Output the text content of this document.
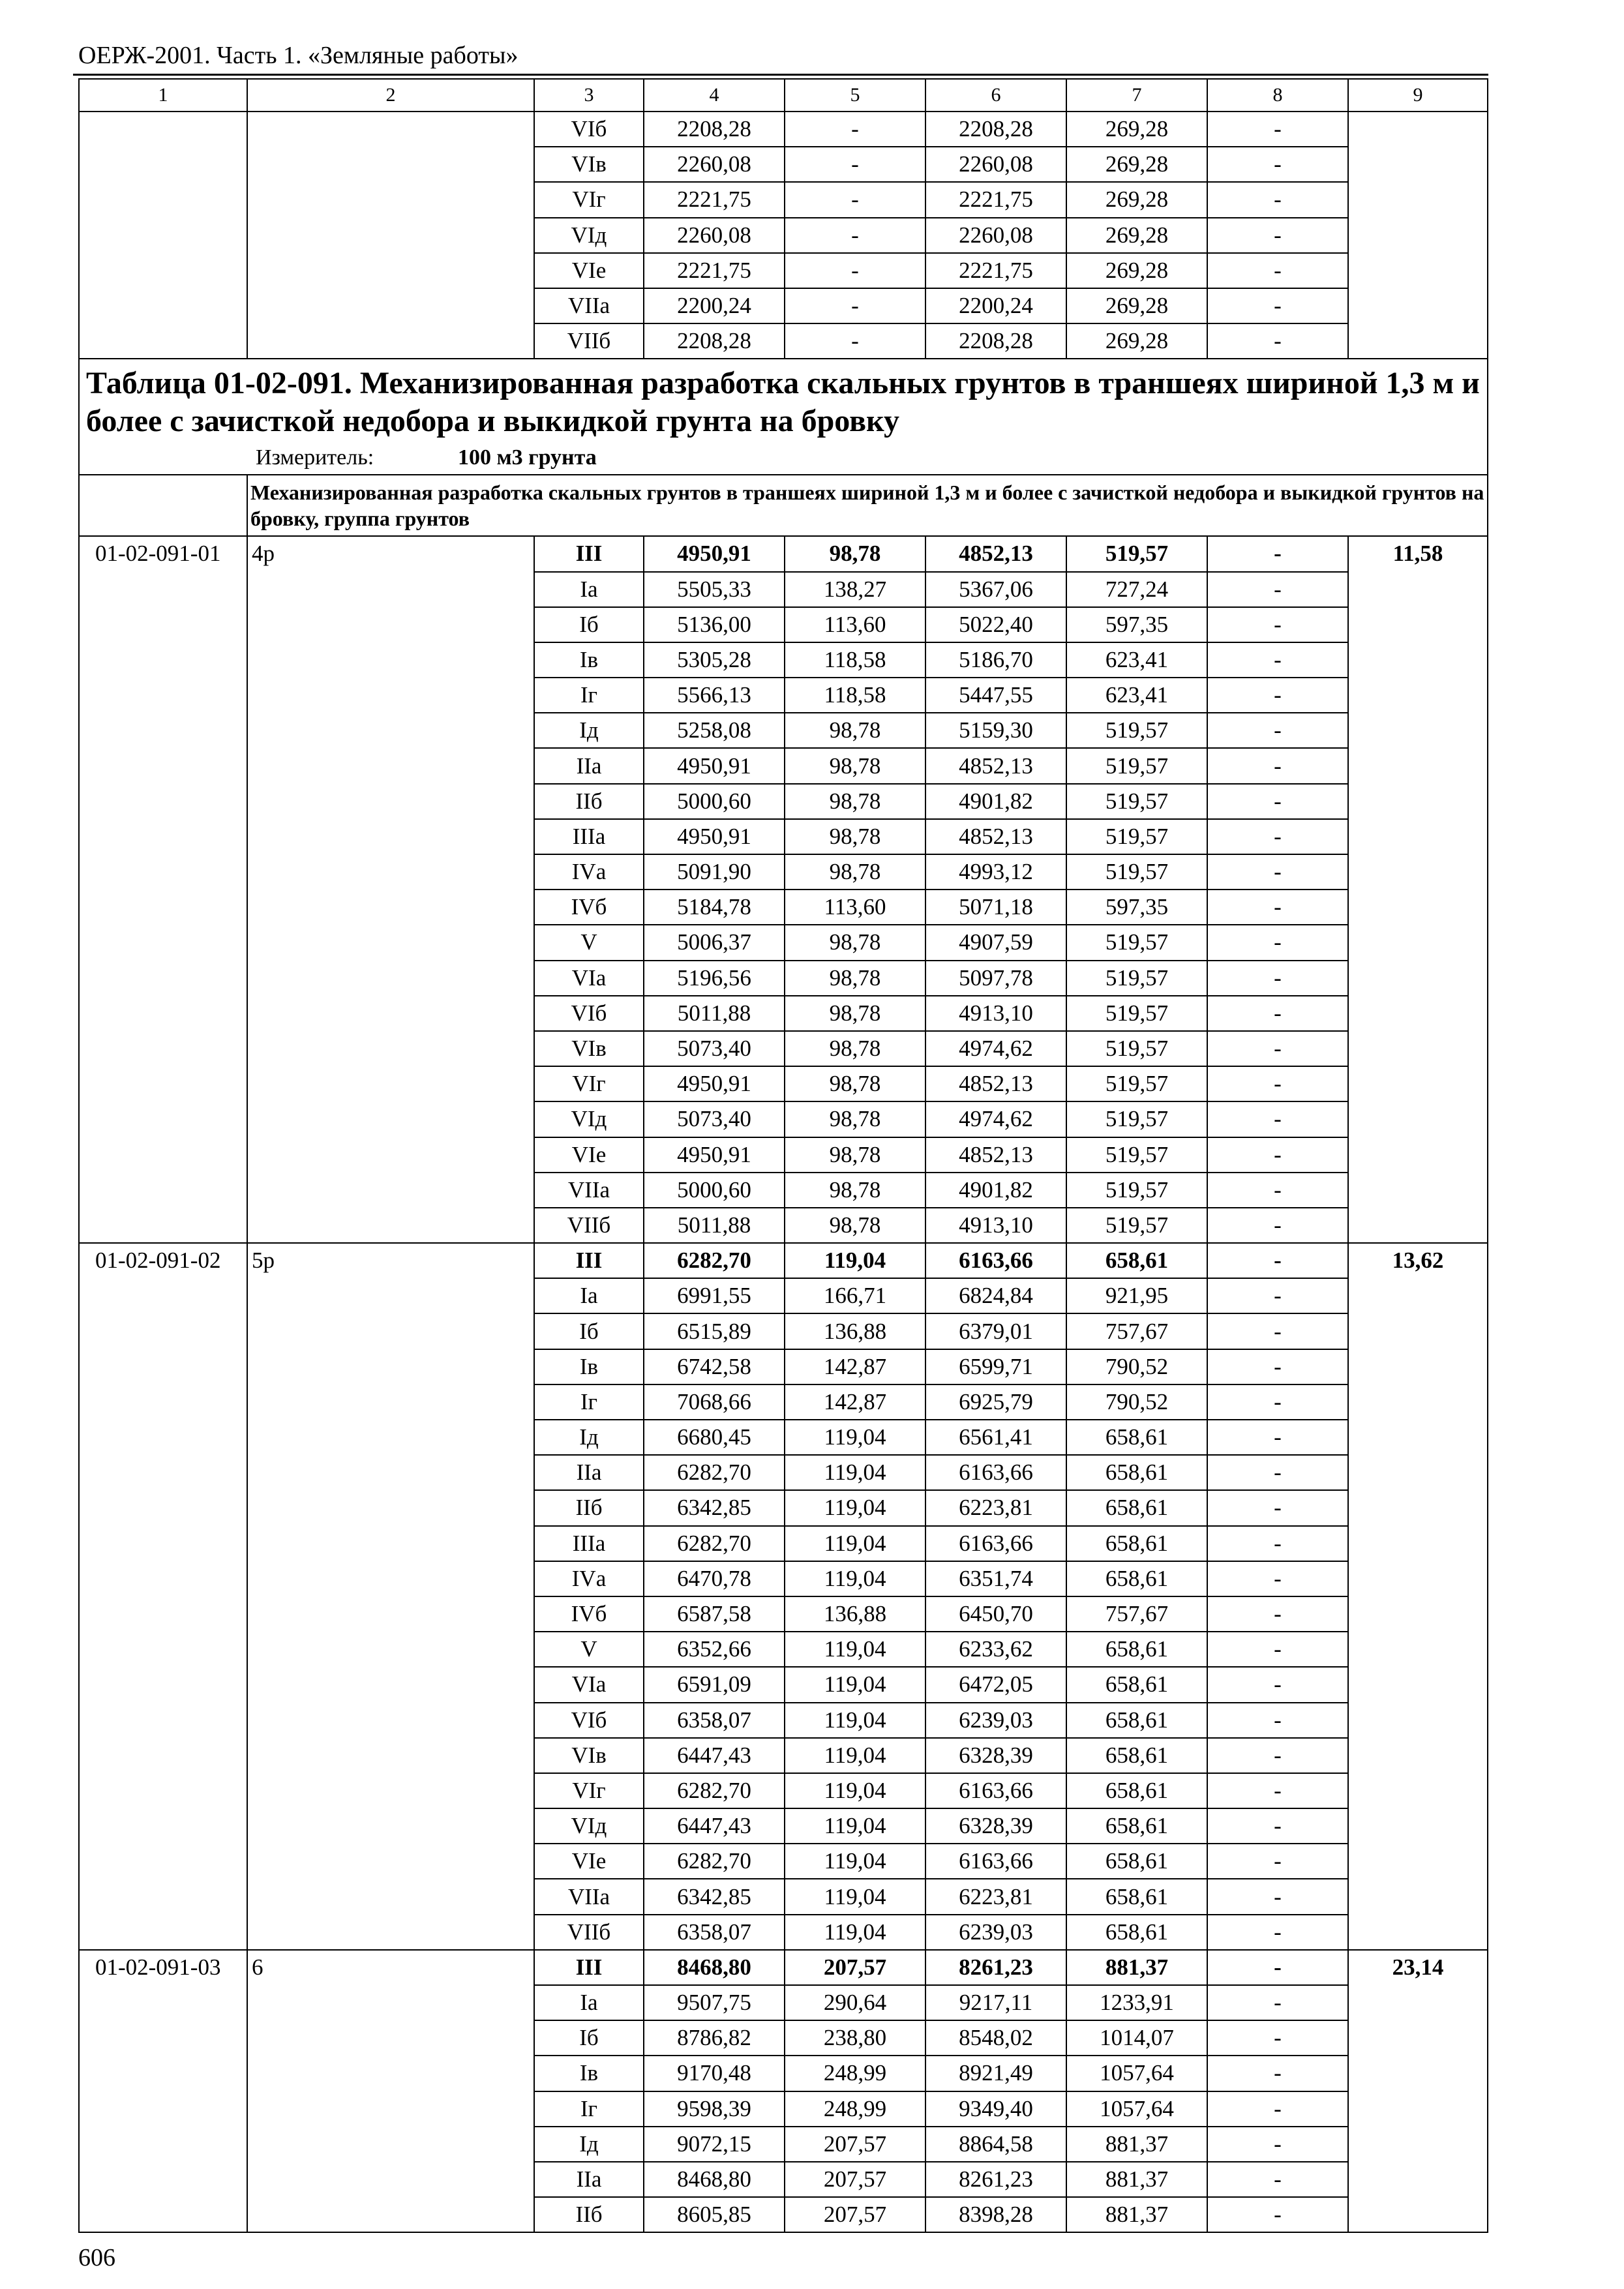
ОЕРЖ-2001. Часть 1. «Земляные работы»
1	2	3	4	5	6	7	8	9
		VIб	2208,28	-	2208,28	269,28	-	
		VIв	2260,08	-	2260,08	269,28	-	
		VIг	2221,75	-	2221,75	269,28	-	
		VIд	2260,08	-	2260,08	269,28	-	
		VIе	2221,75	-	2221,75	269,28	-	
		VIIа	2200,24	-	2200,24	269,28	-	
		VIIб	2208,28	-	2208,28	269,28	-	

Таблица 01-02-091. Механизированная разработка скальных грунтов в траншеях шириной 1,3 м и более с зачисткой недобора и выкидкой грунта на бровку
Измеритель: 100 м3 грунта								

	Механизированная разработка скальных грунтов в траншеях шириной 1,3 м и более с зачисткой недобора и выкидкой грунтов на бровку, группа грунтов							
01-02-091-01	4р	III	4950,91	98,78	4852,13	519,57	-	11,58
		Iа	5505,33	138,27	5367,06	727,24	-	
		Iб	5136,00	113,60	5022,40	597,35	-	
		Iв	5305,28	118,58	5186,70	623,41	-	
		Iг	5566,13	118,58	5447,55	623,41	-	
		Iд	5258,08	98,78	5159,30	519,57	-	
		IIа	4950,91	98,78	4852,13	519,57	-	
		IIб	5000,60	98,78	4901,82	519,57	-	
		IIIа	4950,91	98,78	4852,13	519,57	-	
		IVа	5091,90	98,78	4993,12	519,57	-	
		IVб	5184,78	113,60	5071,18	597,35	-	
		V	5006,37	98,78	4907,59	519,57	-	
		VIа	5196,56	98,78	5097,78	519,57	-	
		VIб	5011,88	98,78	4913,10	519,57	-	
		VIв	5073,40	98,78	4974,62	519,57	-	
		VIг	4950,91	98,78	4852,13	519,57	-	
		VIд	5073,40	98,78	4974,62	519,57	-	
		VIе	4950,91	98,78	4852,13	519,57	-	
		VIIа	5000,60	98,78	4901,82	519,57	-	
		VIIб	5011,88	98,78	4913,10	519,57	-	
01-02-091-02	5р	III	6282,70	119,04	6163,66	658,61	-	13,62
		Iа	6991,55	166,71	6824,84	921,95	-	
		Iб	6515,89	136,88	6379,01	757,67	-	
		Iв	6742,58	142,87	6599,71	790,52	-	
		Iг	7068,66	142,87	6925,79	790,52	-	
		Iд	6680,45	119,04	6561,41	658,61	-	
		IIа	6282,70	119,04	6163,66	658,61	-	
		IIб	6342,85	119,04	6223,81	658,61	-	
		IIIа	6282,70	119,04	6163,66	658,61	-	
		IVа	6470,78	119,04	6351,74	658,61	-	
		IVб	6587,58	136,88	6450,70	757,67	-	
		V	6352,66	119,04	6233,62	658,61	-	
		VIа	6591,09	119,04	6472,05	658,61	-	
		VIб	6358,07	119,04	6239,03	658,61	-	
		VIв	6447,43	119,04	6328,39	658,61	-	
		VIг	6282,70	119,04	6163,66	658,61	-	
		VIд	6447,43	119,04	6328,39	658,61	-	
		VIе	6282,70	119,04	6163,66	658,61	-	
		VIIа	6342,85	119,04	6223,81	658,61	-	
		VIIб	6358,07	119,04	6239,03	658,61	-	
01-02-091-03	6	III	8468,80	207,57	8261,23	881,37	-	23,14
		Iа	9507,75	290,64	9217,11	1233,91	-	
		Iб	8786,82	238,80	8548,02	1014,07	-	
		Iв	9170,48	248,99	8921,49	1057,64	-	
		Iг	9598,39	248,99	9349,40	1057,64	-	
		Iд	9072,15	207,57	8864,58	881,37	-	
		IIа	8468,80	207,57	8261,23	881,37	-	
		IIб	8605,85	207,57	8398,28	881,37	-	
606
